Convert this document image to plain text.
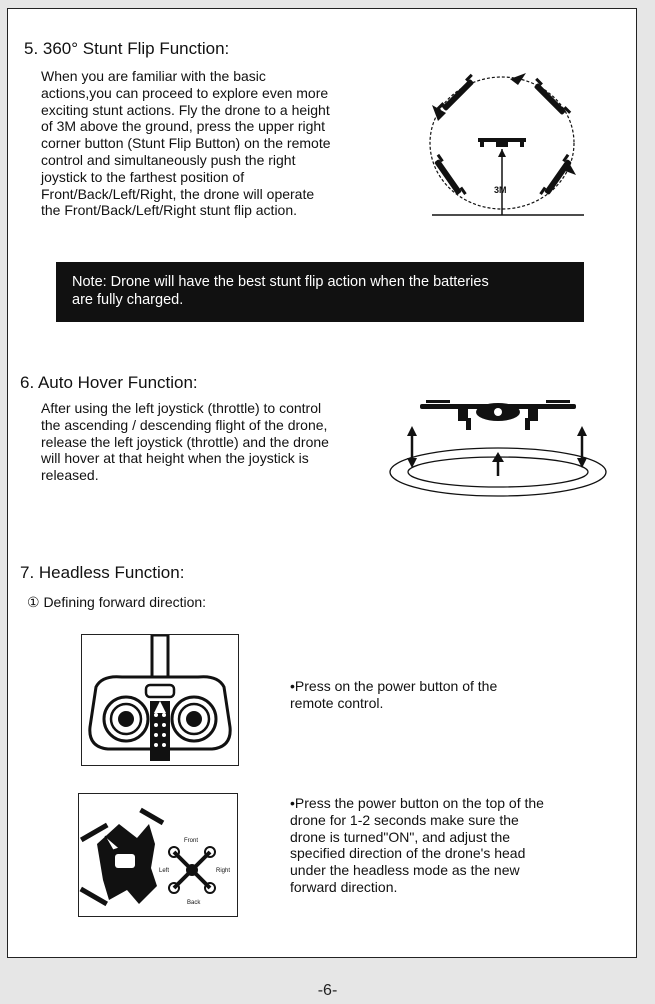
5. 360° Stunt Flip Function:
When you are familiar with the basic
actions,you can proceed to explore even more
exciting stunt actions. Fly the drone to a height
of 3M above the ground, press the upper right
corner button (Stunt Flip Button) on the remote
control and simultaneously push the right
joystick to the farthest position of
Front/Back/Left/Right, the drone will operate
the Front/Back/Left/Right stunt flip action.
3M
Note: Drone will have the best stunt flip action when the batteries
are fully charged.
6. Auto Hover Function:
After using the left joystick (throttle) to control
the ascending / descending flight of the drone,
release the left joystick (throttle) and the drone
will hover at that height when the joystick is
released.
7. Headless Function:
① Defining forward direction:
•Press on the power button of the
remote control.
Front
Back
Left	Right
•Press the power button on the top of the
drone for 1-2 seconds make sure the
drone is turned"ON", and adjust the
specified direction of the drone's head
under the headless mode as the new
forward direction.
-6-
